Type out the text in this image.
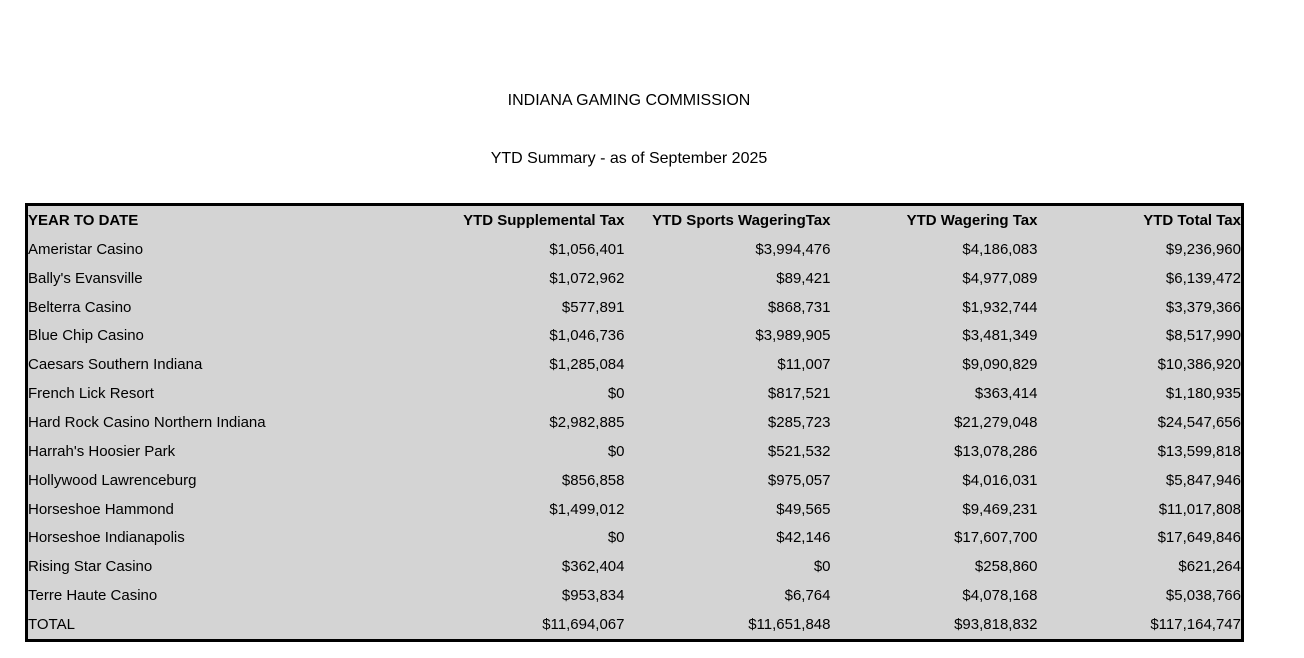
INDIANA GAMING COMMISSION
YTD Summary - as of September 2025
YEAR TO DATE	YTD Supplemental Tax	YTD Sports WageringTax	YTD Wagering Tax	YTD Total Tax
Ameristar Casino	$1,056,401	$3,994,476	$4,186,083	$9,236,960
Bally's Evansville	$1,072,962	$89,421	$4,977,089	$6,139,472
Belterra Casino	$577,891	$868,731	$1,932,744	$3,379,366
Blue Chip Casino	$1,046,736	$3,989,905	$3,481,349	$8,517,990
Caesars Southern Indiana	$1,285,084	$11,007	$9,090,829	$10,386,920
French Lick Resort	$0	$817,521	$363,414	$1,180,935
Hard Rock Casino Northern Indiana	$2,982,885	$285,723	$21,279,048	$24,547,656
Harrah's Hoosier Park	$0	$521,532	$13,078,286	$13,599,818
Hollywood Lawrenceburg	$856,858	$975,057	$4,016,031	$5,847,946
Horseshoe Hammond	$1,499,012	$49,565	$9,469,231	$11,017,808
Horseshoe Indianapolis	$0	$42,146	$17,607,700	$17,649,846
Rising Star Casino	$362,404	$0	$258,860	$621,264
Terre Haute Casino	$953,834	$6,764	$4,078,168	$5,038,766
TOTAL	$11,694,067	$11,651,848	$93,818,832	$117,164,747
